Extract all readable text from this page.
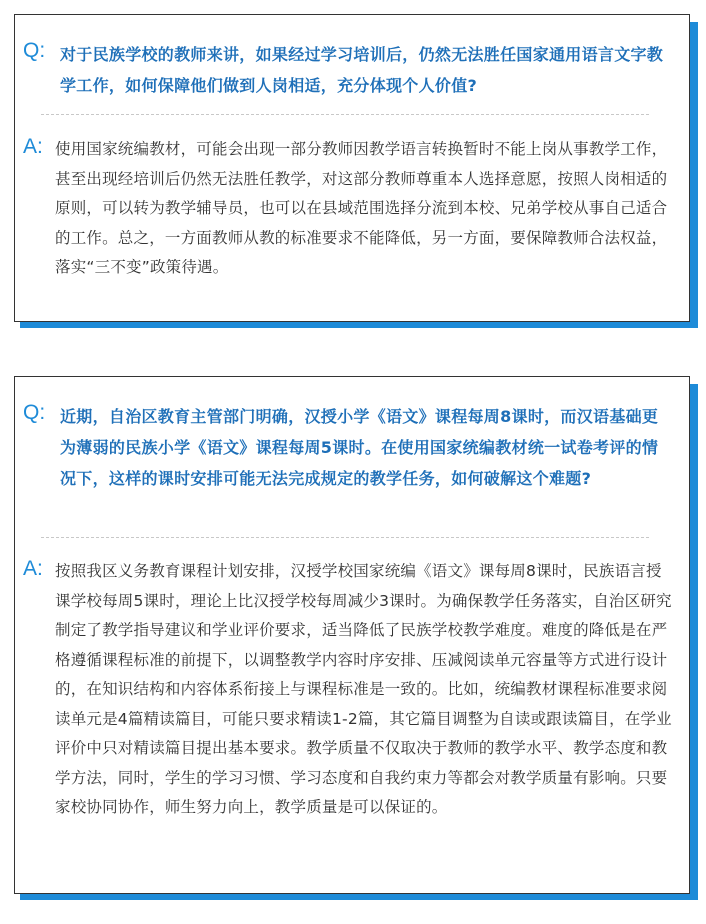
Q: 对于民族学校的教师来讲，如果经过学习培训后，仍然无法胜任国家通用语言文字教学工作，如何保障他们做到人岗相适，充分体现个人价值?
A: 使用国家统编教材，可能会出现一部分教师因教学语言转换暂时不能上岗从事教学工作，甚至出现经培训后仍然无法胜任教学，对这部分教师尊重本人选择意愿，按照人岗相适的原则，可以转为教学辅导员，也可以在县域范围选择分流到本校、兄弟学校从事自己适合的工作。总之，一方面教师从教的标准要求不能降低，另一方面，要保障教师合法权益，落实“三不变”政策待遇。
Q: 近期，自治区教育主管部门明确，汉授小学《语文》课程每周8课时，而汉语基础更为薄弱的民族小学《语文》课程每周5课时。在使用国家统编教材统一试卷考评的情况下，这样的课时安排可能无法完成规定的教学任务，如何破解这个难题?
A: 按照我区义务教育课程计划安排，汉授学校国家统编《语文》课每周8课时，民族语言授课学校每周5课时，理论上比汉授学校每周减少3课时。为确保教学任务落实，自治区研究制定了教学指导建议和学业评价要求，适当降低了民族学校教学难度。难度的降低是在严格遵循课程标准的前提下，以调整教学内容时序安排、压减阅读单元容量等方式进行设计的，在知识结构和内容体系衔接上与课程标准是一致的。比如，统编教材课程标准要求阅读单元是4篇精读篇目，可能只要求精读1-2篇，其它篇目调整为自读或跟读篇目，在学业评价中只对精读篇目提出基本要求。教学质量不仅取决于教师的教学水平、教学态度和教学方法，同时，学生的学习习惯、学习态度和自我约束力等都会对教学质量有影响。只要家校协同协作，师生努力向上，教学质量是可以保证的。
